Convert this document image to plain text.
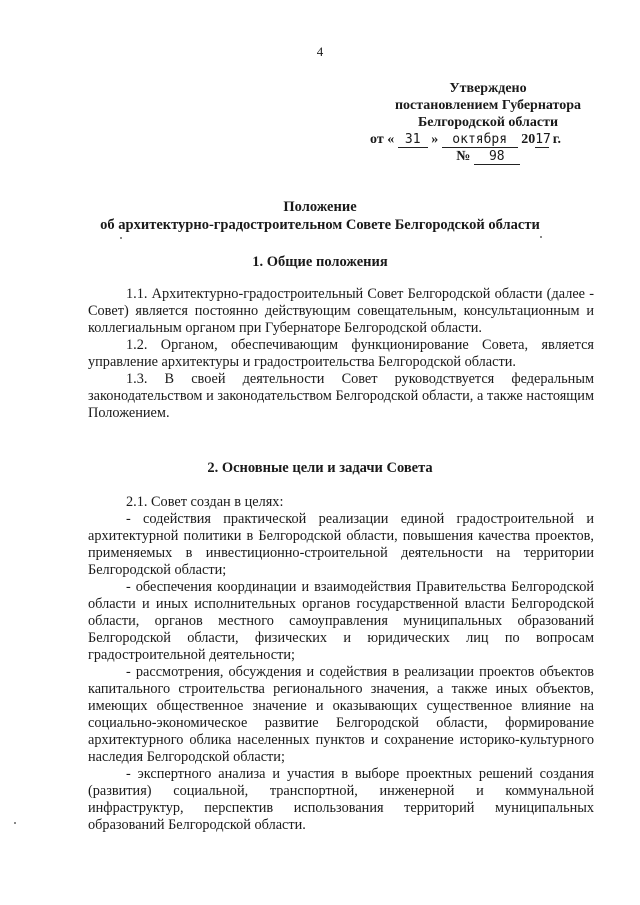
4
Утверждено
постановлением Губернатора
Белгородской области
от « 31 » октября 2017 г.
№ 98
Положение
об архитектурно-градостроительном Совете Белгородской области
1. Общие положения

1.1. Архитектурно-градостроительный Совет Белгородской области (далее - Совет) является постоянно действующим совещательным, консультационным и коллегиальным органом при Губернаторе Белгородской области.

1.2. Органом, обеспечивающим функционирование Совета, является управление архитектуры и градостроительства Белгородской области.

1.3. В своей деятельности Совет руководствуется федеральным законодательством и законодательством Белгородской области, а также настоящим Положением.

2. Основные цели и задачи Совета

2.1. Совет создан в целях:

- содействия практической реализации единой градостроительной и архитектурной политики в Белгородской области, повышения качества проектов, применяемых в инвестиционно-строительной деятельности на территории Белгородской области;

- обеспечения координации и взаимодействия Правительства Белгородской области и иных исполнительных органов государственной власти Белгородской области, органов местного самоуправления муниципальных образований Белгородской области, физических и юридических лиц по вопросам градостроительной деятельности;

- рассмотрения, обсуждения и содействия в реализации проектов объектов капитального строительства регионального значения, а также иных объектов, имеющих общественное значение и оказывающих существенное влияние на социально-экономическое развитие Белгородской области, формирование архитектурного облика населенных пунктов и сохранение историко-культурного наследия Белгородской области;

- экспертного анализа и участия в выборе проектных решений создания (развития) социальной, транспортной, инженерной и коммунальной инфраструктур, перспектив использования территорий муниципальных образований Белгородской области.
